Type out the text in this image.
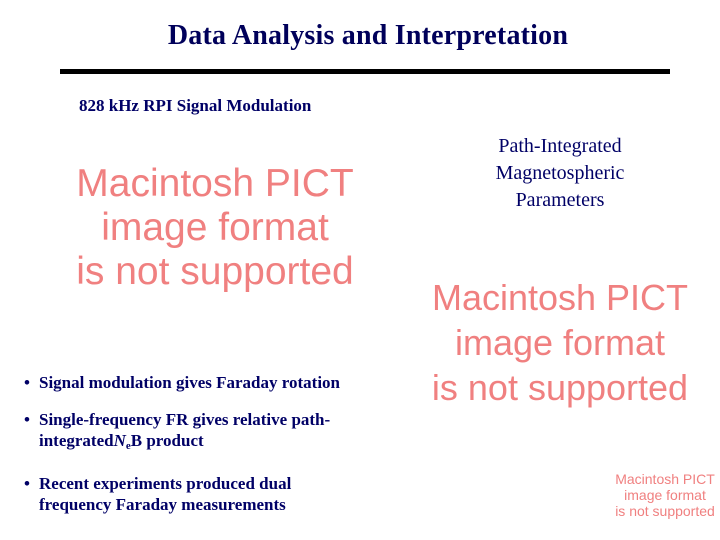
Data Analysis and Interpretation
828 kHz RPI Signal Modulation
Path-Integrated
Magnetospheric
Parameters
Macintosh PICT
image format
is not supported
Macintosh PICT
image format
is not supported
Macintosh PICT
image format
is not supported
• Signal modulation gives Faraday rotation
• Single-frequency FR gives relative path-
integratedN$_e$B product
• Recent experiments produced dual
frequency Faraday measurements
